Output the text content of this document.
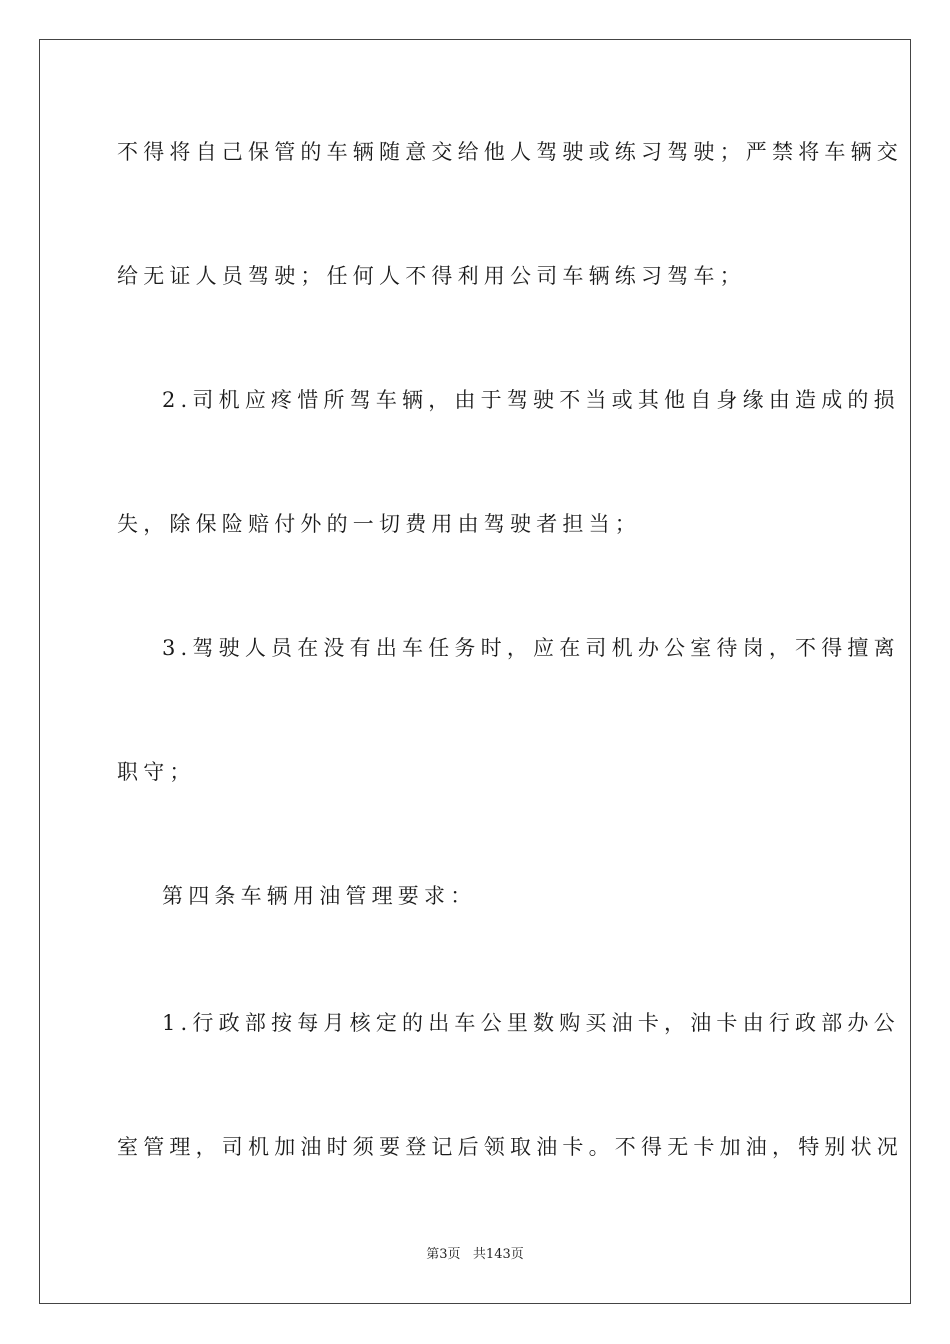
不得将自己保管的车辆随意交给他人驾驶或练习驾驶；严禁将车辆交
给无证人员驾驶；任何人不得利用公司车辆练习驾车；
2.司机应疼惜所驾车辆，由于驾驶不当或其他自身缘由造成的损
失，除保险赔付外的一切费用由驾驶者担当；
3.驾驶人员在没有出车任务时，应在司机办公室待岗，不得擅离
职守；
第四条车辆用油管理要求：
1.行政部按每月核定的出车公里数购买油卡，油卡由行政部办公
室管理，司机加油时须要登记后领取油卡。不得无卡加油，特别状况
第3页 共143页
